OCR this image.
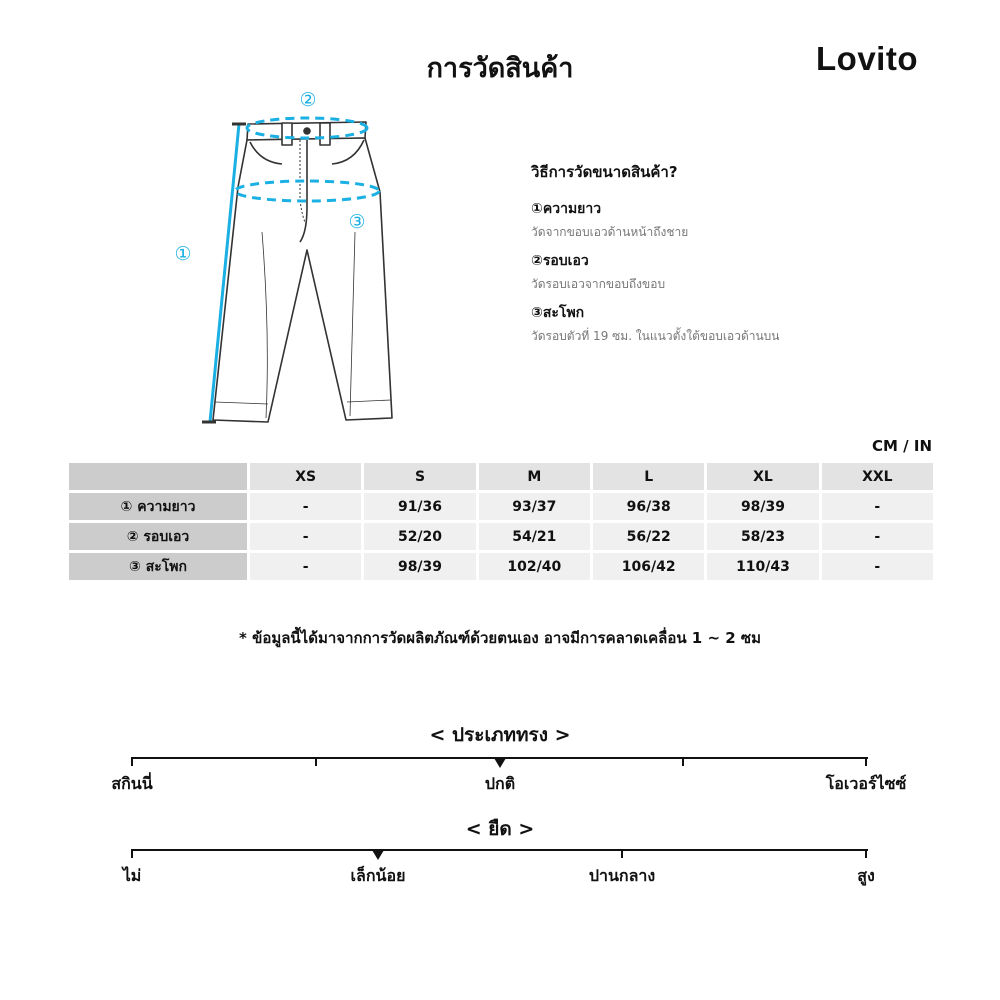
การวัดสินค้า	Lovito
①
②
③
วิธีการวัดขนาดสินค้า?
①ความยาว
วัดจากขอบเอวด้านหน้าถึงชาย
②รอบเอว
วัดรอบเอวจากขอบถึงขอบ
③สะโพก
วัดรอบตัวที่ 19 ซม. ในแนวตั้งใต้ขอบเอวด้านบน
CM / IN
	XS	S	M	L	XL	XXL
① ความยาว	-	91/36	93/37	96/38	98/39	-
② รอบเอว	-	52/20	54/21	56/22	58/23	-
③ สะโพก	-	98/39	102/40	106/42	110/43	-
* ข้อมูลนี้ได้มาจากการวัดผลิตภัณฑ์ด้วยตนเอง อาจมีการคลาดเคลื่อน 1 ~ 2 ซม
< ประเภททรง >
สกินนี่	ปกติ	โอเวอร์ไซซ์
< ยืด >
ไม่	เล็กน้อย	ปานกลาง	สูง
